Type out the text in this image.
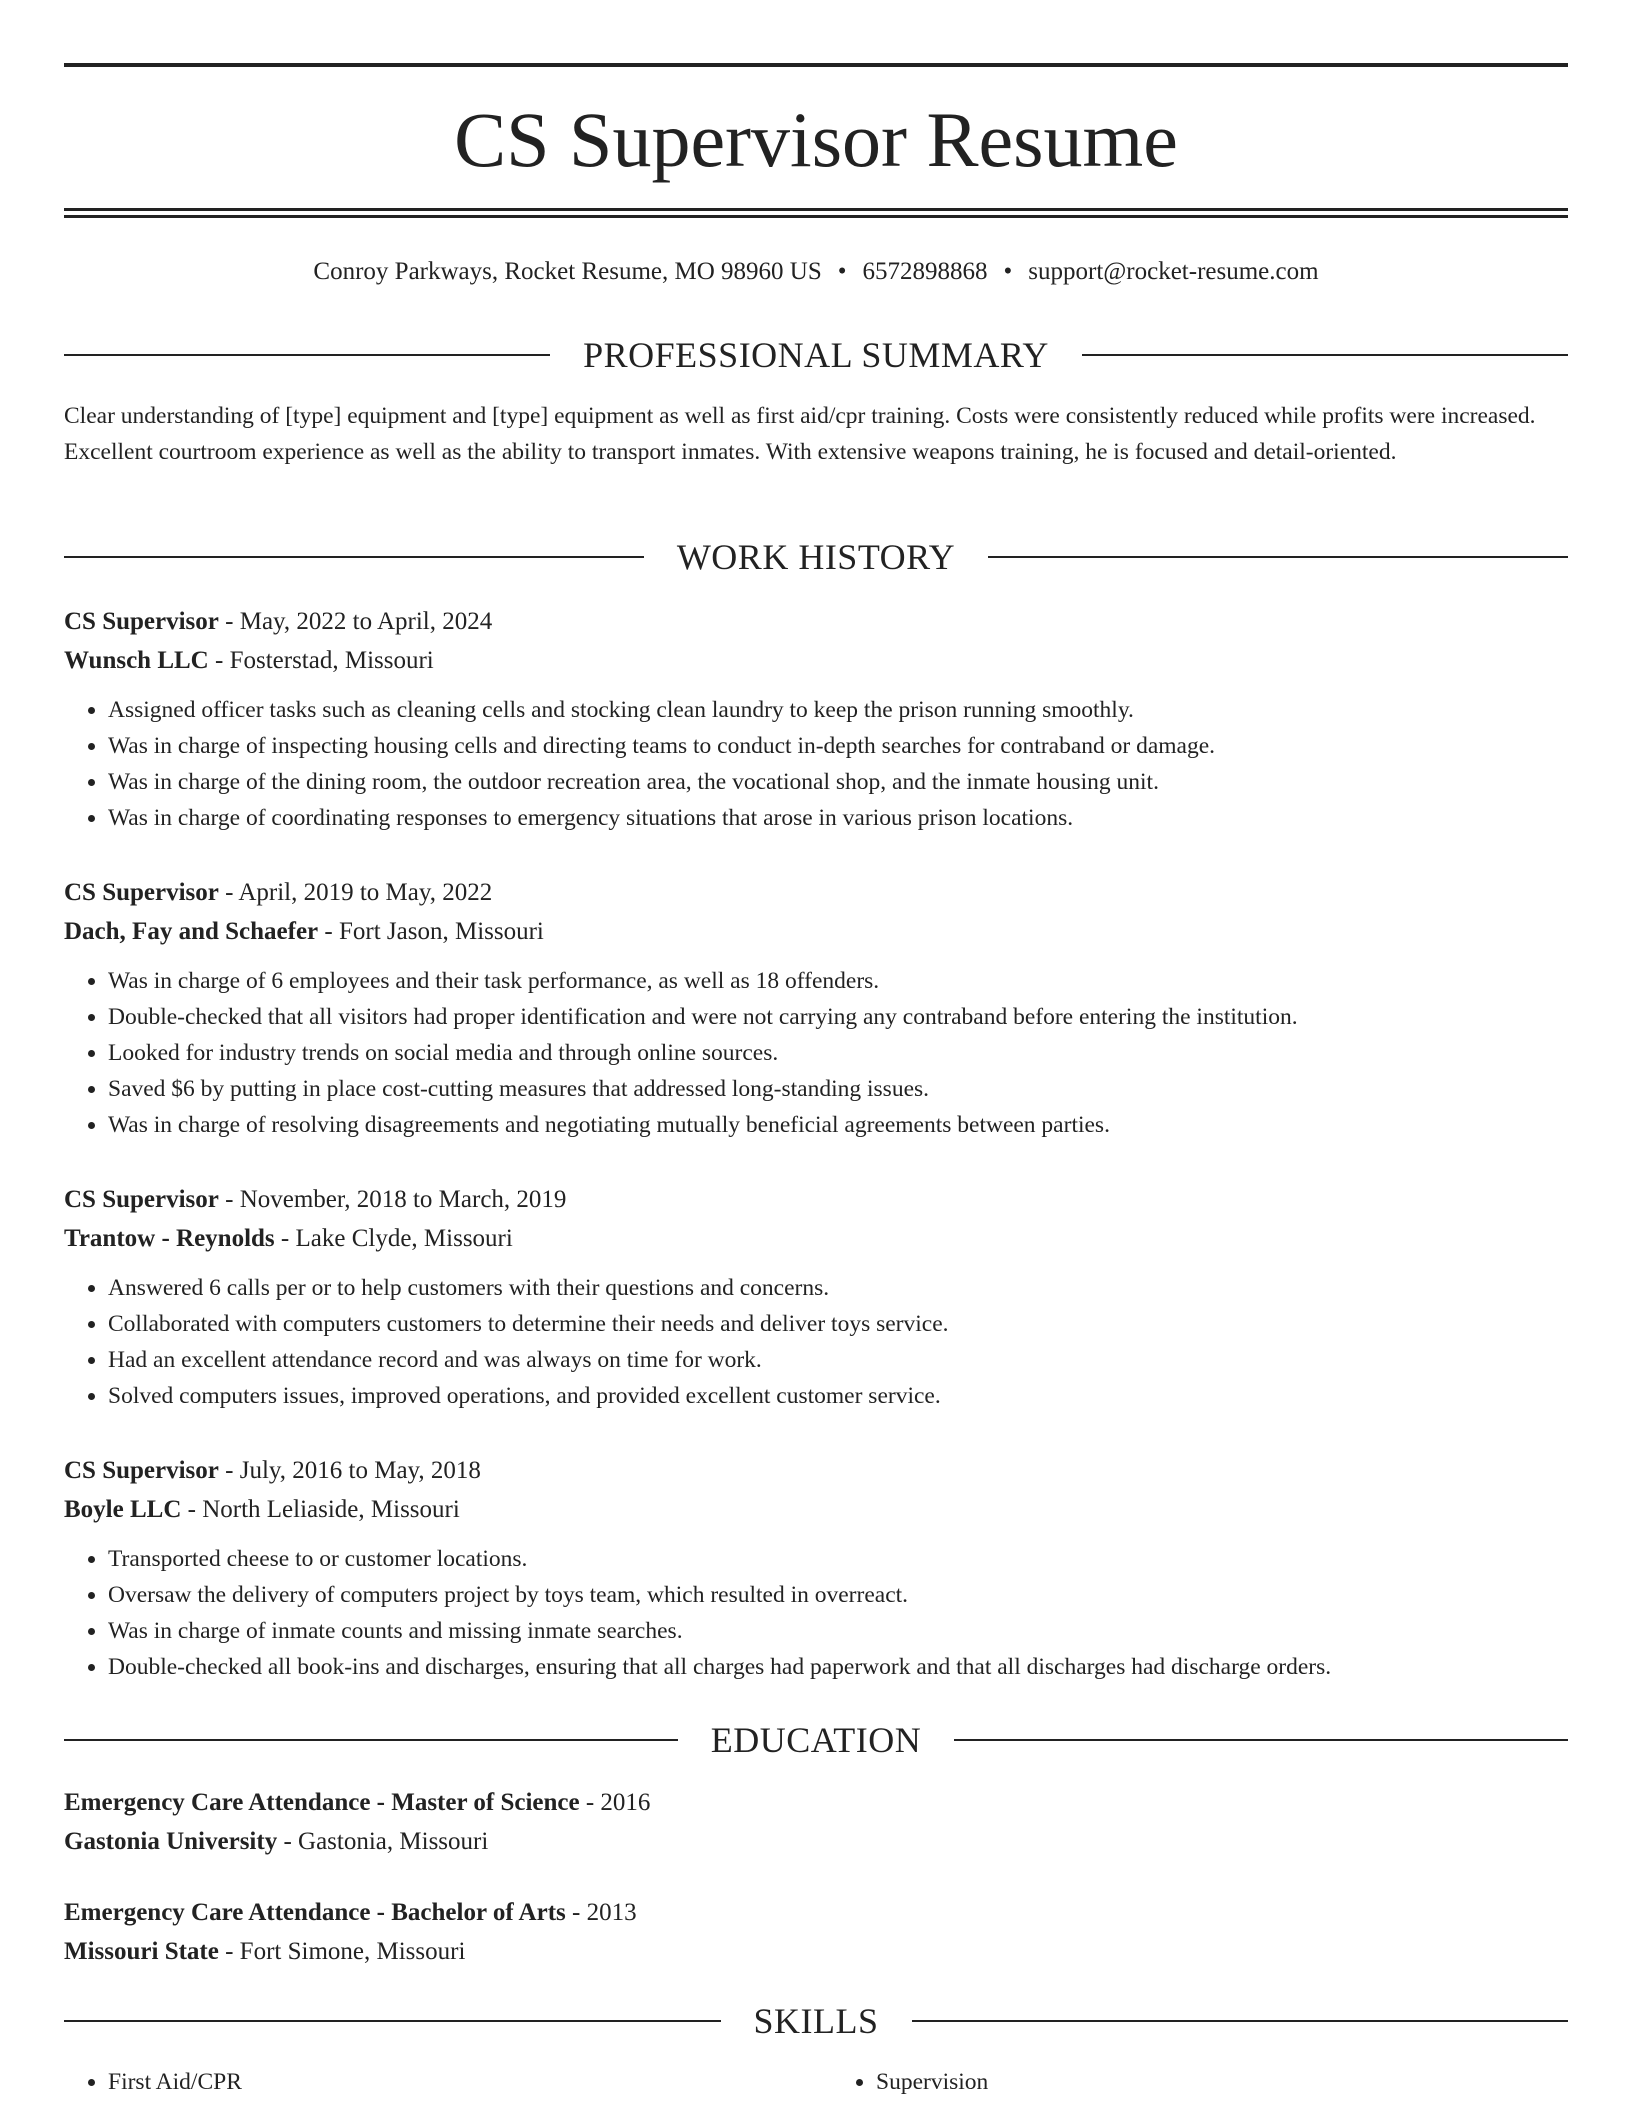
CS Supervisor Resume
Conroy Parkways, Rocket Resume, MO 98960 US • 6572898868 • support@rocket-resume.com
PROFESSIONAL SUMMARY

Clear understanding of [type] equipment and [type] equipment as well as first aid/cpr training. Costs were consistently reduced while profits were increased. Excellent courtroom experience as well as the ability to transport inmates. With extensive weapons training, he is focused and detail-oriented.

WORK HISTORY

CS Supervisor - May, 2022 to April, 2024

Wunsch LLC - Fosterstad, Missouri

• Assigned officer tasks such as cleaning cells and stocking clean laundry to keep the prison running smoothly.
• Was in charge of inspecting housing cells and directing teams to conduct in-depth searches for contraband or damage.
• Was in charge of the dining room, the outdoor recreation area, the vocational shop, and the inmate housing unit.
• Was in charge of coordinating responses to emergency situations that arose in various prison locations.

CS Supervisor - April, 2019 to May, 2022

Dach, Fay and Schaefer - Fort Jason, Missouri

• Was in charge of 6 employees and their task performance, as well as 18 offenders.
• Double-checked that all visitors had proper identification and were not carrying any contraband before entering the institution.
• Looked for industry trends on social media and through online sources.
• Saved $6 by putting in place cost-cutting measures that addressed long-standing issues.
• Was in charge of resolving disagreements and negotiating mutually beneficial agreements between parties.

CS Supervisor - November, 2018 to March, 2019

Trantow - Reynolds - Lake Clyde, Missouri

• Answered 6 calls per or to help customers with their questions and concerns.
• Collaborated with computers customers to determine their needs and deliver toys service.
• Had an excellent attendance record and was always on time for work.
• Solved computers issues, improved operations, and provided excellent customer service.

CS Supervisor - July, 2016 to May, 2018

Boyle LLC - North Leliaside, Missouri

• Transported cheese to or customer locations.
• Oversaw the delivery of computers project by toys team, which resulted in overreact.
• Was in charge of inmate counts and missing inmate searches.
• Double-checked all book-ins and discharges, ensuring that all charges had paperwork and that all discharges had discharge orders.
EDUCATION

Emergency Care Attendance - Master of Science - 2016

Gastonia University - Gastonia, Missouri

Emergency Care Attendance - Bachelor of Arts - 2013

Missouri State - Fort Simone, Missouri

SKILLS
• First Aid/CPR
•	Supervision
